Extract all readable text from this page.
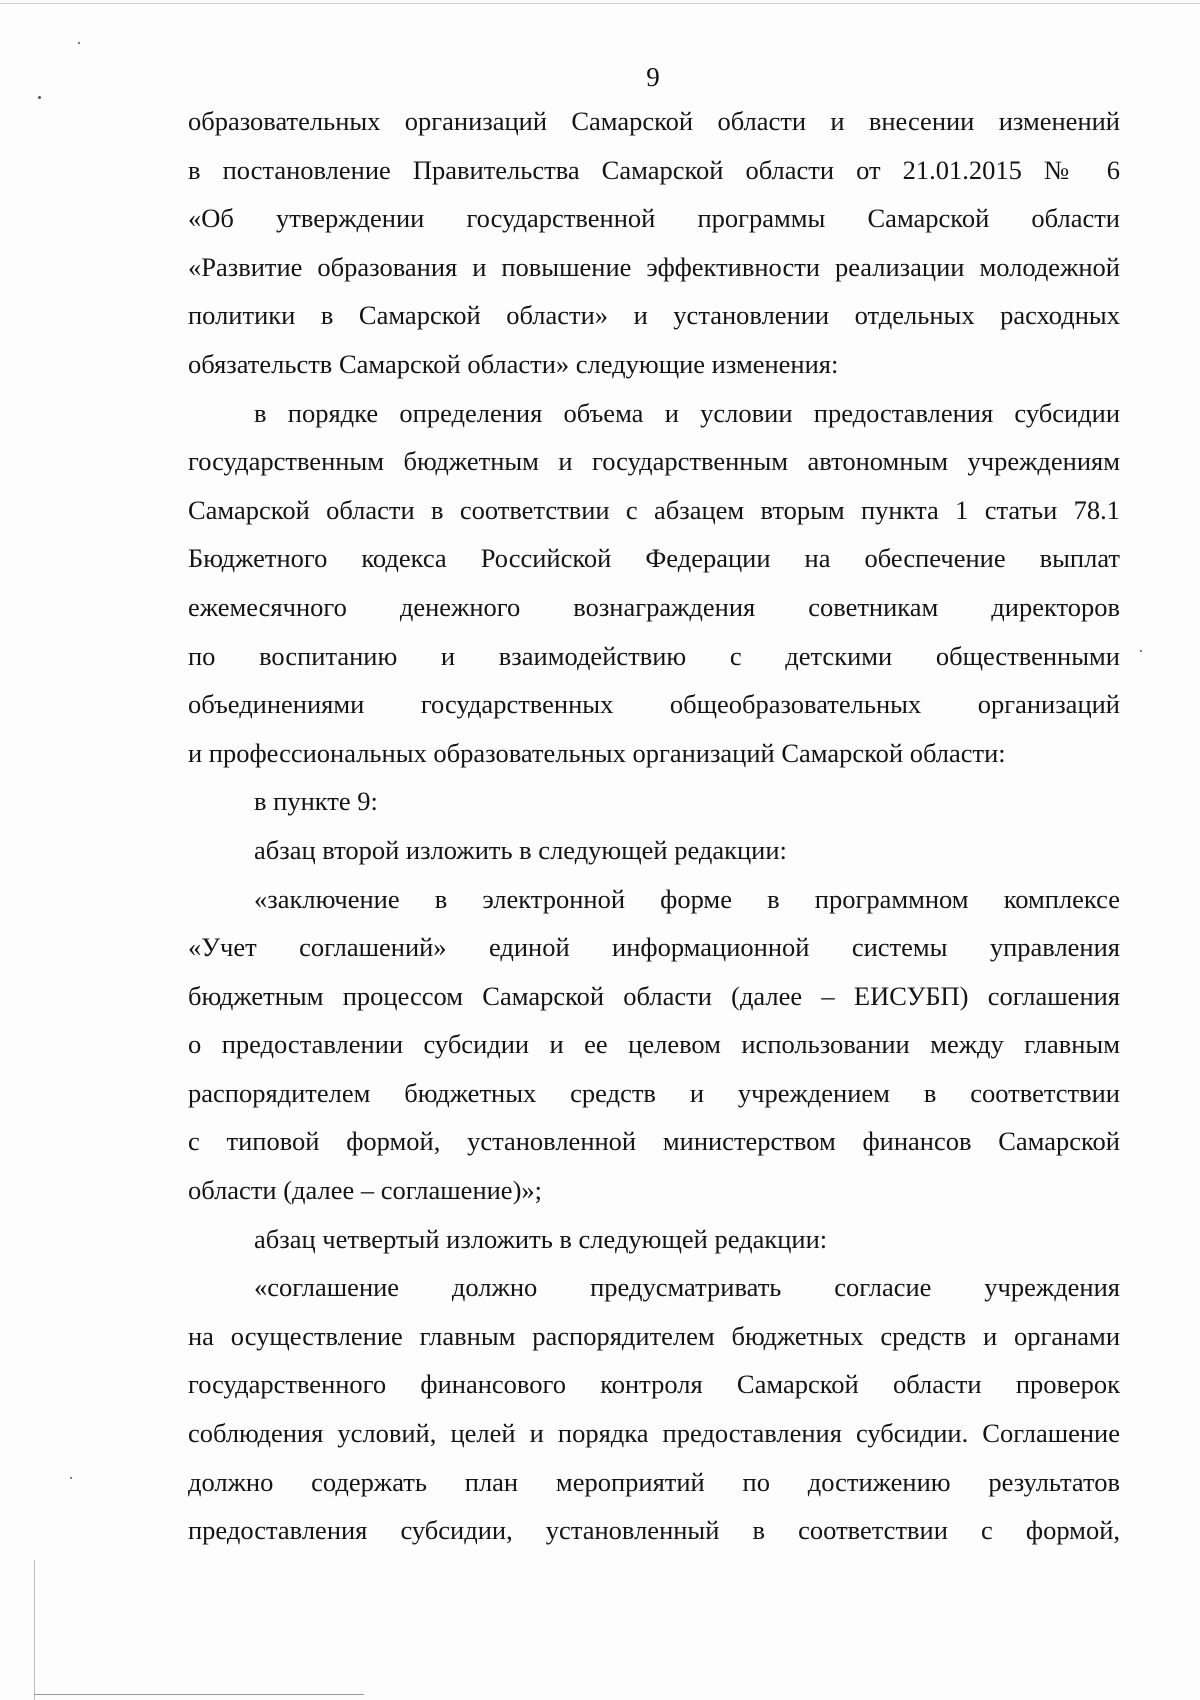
9
образовательных организаций Самарской области и внесении изменений
в постановление Правительства Самарской области от 21.01.2015 № 6
«Об утверждении государственной программы Самарской области
«Развитие образования и повышение эффективности реализации молодежной
политики в Самарской области» и установлении отдельных расходных
обязательств Самарской области» следующие изменения:
в порядке определения объема и условии предоставления субсидии
государственным бюджетным и государственным автономным учреждениям
Самарской области в соответствии с абзацем вторым пункта 1 статьи 78.1
Бюджетного кодекса Российской Федерации на обеспечение выплат
ежемесячного денежного вознаграждения советникам директоров
по воспитанию и взаимодействию с детскими общественными
объединениями государственных общеобразовательных организаций
и профессиональных образовательных организаций Самарской области:
в пункте 9:
абзац второй изложить в следующей редакции:
«заключение в электронной форме в программном комплексе
«Учет соглашений» единой информационной системы управления
бюджетным процессом Самарской области (далее – ЕИСУБП) соглашения
о предоставлении субсидии и ее целевом использовании между главным
распорядителем бюджетных средств и учреждением в соответствии
с типовой формой, установленной министерством финансов Самарской
области (далее – соглашение)»;
абзац четвертый изложить в следующей редакции:
«соглашение должно предусматривать согласие учреждения
на осуществление главным распорядителем бюджетных средств и органами
государственного финансового контроля Самарской области проверок
соблюдения условий, целей и порядка предоставления субсидии. Соглашение
должно содержать план мероприятий по достижению результатов
предоставления субсидии, установленный в соответствии с формой,
